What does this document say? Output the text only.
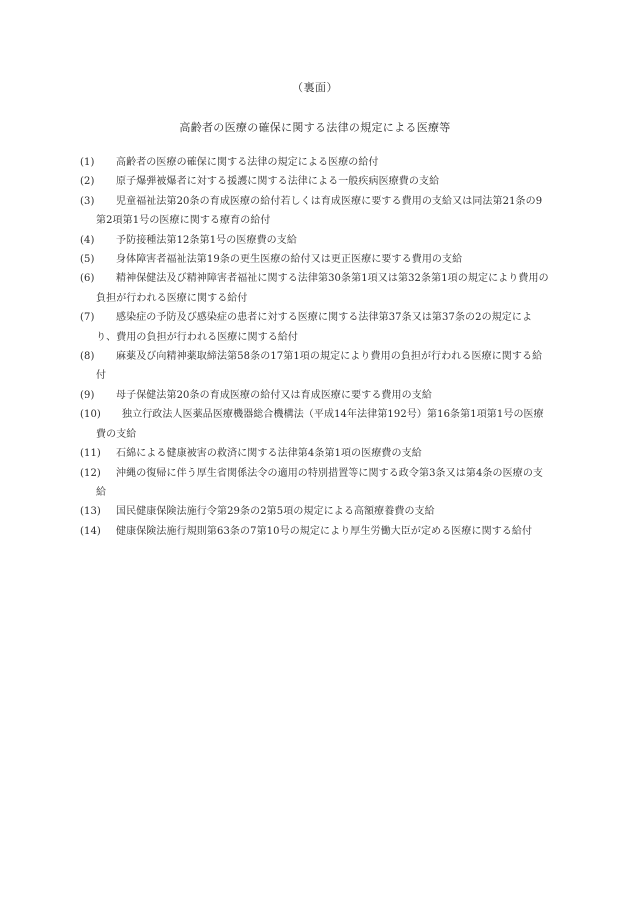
（裏面）
高齢者の医療の確保に関する法律の規定による医療等
(1) 高齢者の医療の確保に関する法律の規定による医療の給付
(2) 原子爆弾被爆者に対する援護に関する法律による一般疾病医療費の支給
(3) 児童福祉法第20条の育成医療の給付若しくは育成医療に要する費用の支給又は同法第21条の9第2項第1号の医療に関する療育の給付
(4) 予防接種法第12条第1号の医療費の支給
(5) 身体障害者福祉法第19条の更生医療の給付又は更正医療に要する費用の支給
(6) 精神保健法及び精神障害者福祉に関する法律第30条第1項又は第32条第1項の規定により費用の負担が行われる医療に関する給付
(7) 感染症の予防及び感染症の患者に対する医療に関する法律第37条又は第37条の2の規定により、費用の負担が行われる医療に関する給付
(8) 麻薬及び向精神薬取締法第58条の17第1項の規定により費用の負担が行われる医療に関する給付
(9) 母子保健法第20条の育成医療の給付又は育成医療に要する費用の支給
(10) 独立行政法人医薬品医療機器総合機構法（平成14年法律第192号）第16条第1項第1号の医療費の支給
(11) 石綿による健康被害の救済に関する法律第4条第1項の医療費の支給
(12) 沖縄の復帰に伴う厚生省関係法令の適用の特別措置等に関する政令第3条又は第4条の医療の支給
(13) 国民健康保険法施行令第29条の2第5項の規定による高額療養費の支給
(14) 健康保険法施行規則第63条の7第10号の規定により厚生労働大臣が定める医療に関する給付
